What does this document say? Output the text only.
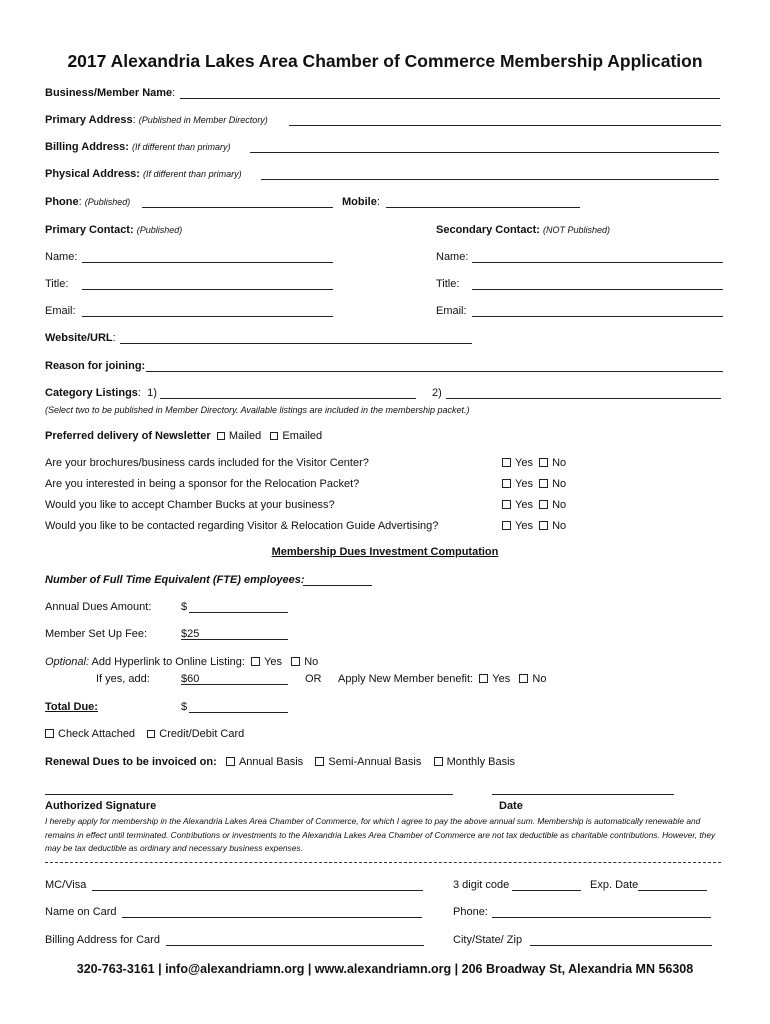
2017 Alexandria Lakes Area Chamber of Commerce Membership Application
Business/Member Name:
Primary Address: (Published in Member Directory)
Billing Address: (If different than primary)
Physical Address: (If different than primary)
Phone: (Published)	Mobile:
Primary Contact: (Published)	Secondary Contact: (NOT Published)
Name:	Name:
Title:	Title:
Email:	Email:
Website/URL:
Reason for joining:
Category Listings:  1)	2)
(Select two to be published in Member Directory. Available listings are included in the membership packet.)
Preferred delivery of Newsletter Mailed Emailed
Are your brochures/business cards included for the Visitor Center?	Yes No
Are you interested in being a sponsor for the Relocation Packet?	Yes No
Would you like to accept Chamber Bucks at your business?	Yes No
Would you like to be contacted regarding Visitor & Relocation Guide Advertising?	Yes No
Membership Dues Investment Computation
Number of Full Time Equivalent (FTE) employees:
Annual Dues Amount:	$
Member Set Up Fee:	$25
Optional: Add Hyperlink to Online Listing: Yes No
If yes, add:	$60	OR Apply New Member benefit: Yes No
Total Due:	$
Check Attached Credit/Debit Card
Renewal Dues to be invoiced on: Annual Basis Semi-Annual Basis Monthly Basis
Authorized Signature	Date
I hereby apply for membership in the Alexandria Lakes Area Chamber of Commerce, for which I agree to pay the above annual sum. Membership is automatically renewable and remains in effect until terminated. Contributions or investments to the Alexandria Lakes Area Chamber of Commerce are not tax deductible as charitable contributions. However, they may be tax deductible as ordinary and necessary business expenses.
MC/Visa	3 digit code	Exp. Date
Name on Card	Phone:
Billing Address for Card	City/State/ Zip
320-763-3161 | info@alexandriamn.org | www.alexandriamn.org | 206 Broadway St, Alexandria MN 56308
